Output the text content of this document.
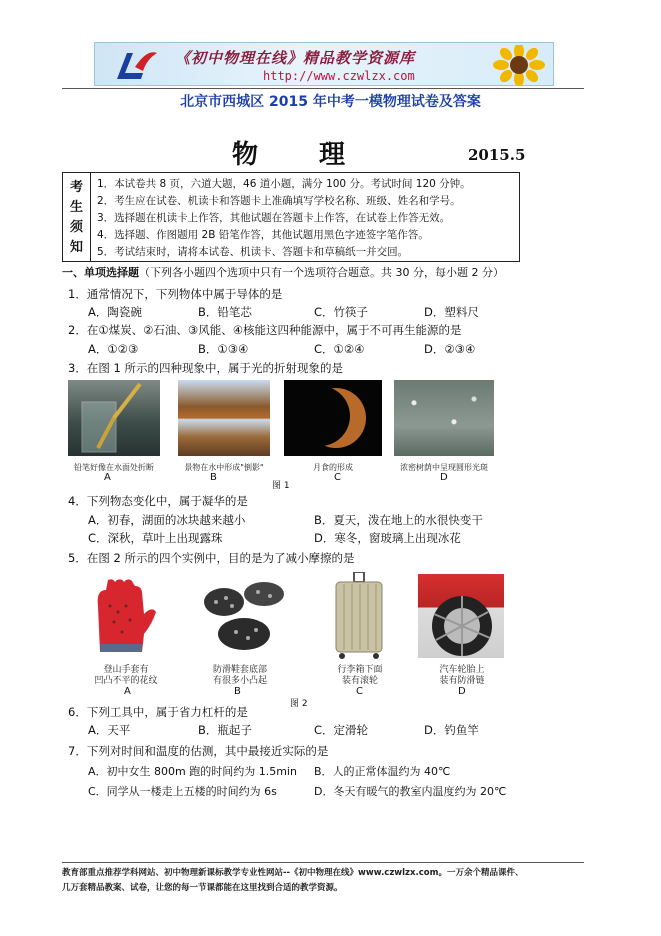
《初中物理在线》精品教学资源库
http://www.czwlzx.com
北京市西城区 2015 年中考一模物理试卷及答案
物 理	2015.5
考
生
须
知
1．本试卷共 8 页，六道大题，46 道小题，满分 100 分。考试时间 120 分钟。
2．考生应在试卷、机读卡和答题卡上准确填写学校名称、班级、姓名和学号。
3．选择题在机读卡上作答，其他试题在答题卡上作答，在试卷上作答无效。
4．选择题、作图题用 2B 铅笔作答，其他试题用黑色字迹签字笔作答。
5．考试结束时，请将本试卷、机读卡、答题卡和草稿纸一并交回。
一、单项选择题（下列各小题四个选项中只有一个选项符合题意。共 30 分，每小题 2 分）
1．通常情况下，下列物体中属于导体的是
A．陶瓷碗	B．铅笔芯	C．竹筷子	D．塑料尺
2．在①煤炭、②石油、③风能、④核能这四种能源中，属于不可再生能源的是
A．①②③	B．①③④	C．①②④	D．②③④
3．在图 1 所示的四种现象中，属于光的折射现象的是
铅笔好像在水面处折断	景物在水中形成"倒影"	月食的形成	浓密树荫中呈现圆形光斑
A	B	C	D
图 1
4．下列物态变化中，属于凝华的是
A．初春，湖面的冰块越来越小	B．夏天，泼在地上的水很快变干
C．深秋，草叶上出现露珠	D．寒冬，窗玻璃上出现冰花
5．在图 2 所示的四个实例中，目的是为了减小摩擦的是
登山手套有
凹凸不平的花纹
防滑鞋套底部
有很多小凸起
行李箱下面
装有滚轮
汽车轮胎上
装有防滑链
A	B	C	D
图 2
6．下列工具中，属于省力杠杆的是
A．天平	B．瓶起子	C．定滑轮	D．钓鱼竿
7．下列对时间和温度的估测，其中最接近实际的是
A．初中女生 800m 跑的时间约为 1.5min B．人的正常体温约为 40℃
C．同学从一楼走上五楼的时间约为 6s	D．冬天有暖气的教室内温度约为 20℃
教育部重点推荐学科网站、初中物理新课标教学专业性网站--《初中物理在线》www.czwlzx.com。一万余个精品课件、
几万套精品教案、试卷，让您的每一节课都能在这里找到合适的教学资源。
